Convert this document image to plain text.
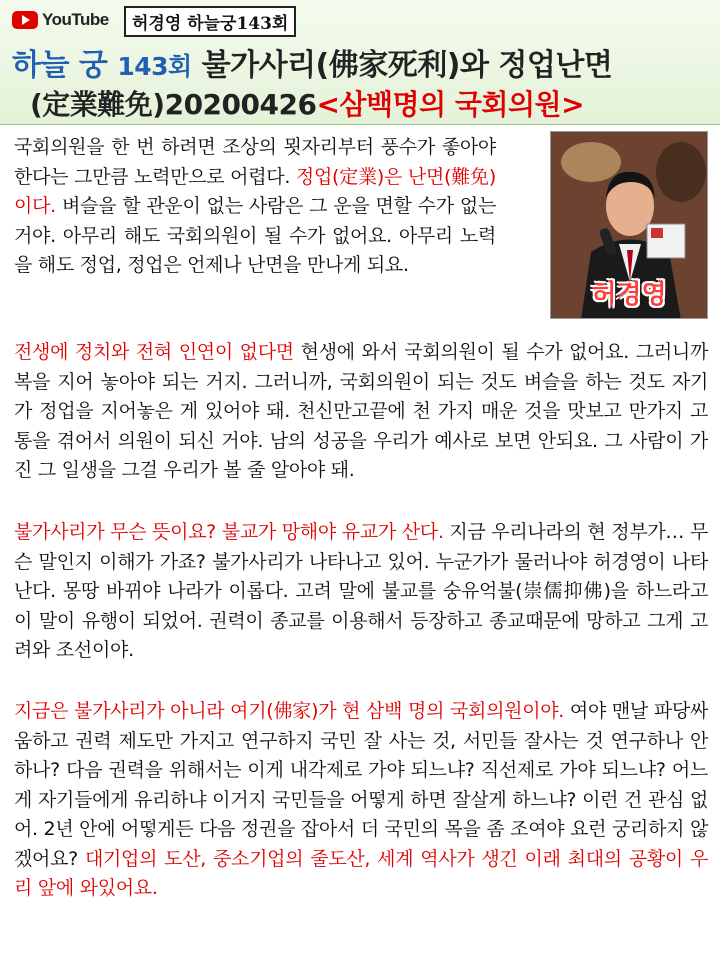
YouTube	허경영 하늘궁143회
하늘 궁 143회 불가사리(佛家死利)와 정업난면
(定業難免)20200426<삼백명의 국회의원>
허경영

국회의원을 한 번 하려면 조상의 묏자리부터 풍수가 좋아야 한다는 그만큼 노력만으로 어렵다. 정업(定業)은 난면(難免)이다. 벼슬을 할 관운이 없는 사람은 그 운을 면할 수가 없는 거야. 아무리 해도 국회의원이 될 수가 없어요. 아무리 노력을 해도 정업, 정업은 언제나 난면을 만나게 되요.

전생에 정치와 전혀 인연이 없다면 현생에 와서 국회의원이 될 수가 없어요. 그러니까 복을 지어 놓아야 되는 거지. 그러니까, 국회의원이 되는 것도 벼슬을 하는 것도 자기가 정업을 지어놓은 게 있어야 돼. 천신만고끝에 천 가지 매운 것을 맛보고 만가지 고통을 겪어서 의원이 되신 거야. 남의 성공을 우리가 예사로 보면 안되요. 그 사람이 가진 그 일생을 그걸 우리가 볼 줄 알아야 돼.

불가사리가 무슨 뜻이요? 불교가 망해야 유교가 산다. 지금 우리나라의 현 정부가… 무슨 말인지 이해가 가죠? 불가사리가 나타나고 있어. 누군가가 물러나야 허경영이 나타난다. 몽땅 바뀌야 나라가 이롭다. 고려 말에 불교를 숭유억불(崇儒抑佛)을 하느라고 이 말이 유행이 되었어. 권력이 종교를 이용해서 등장하고 종교때문에 망하고 그게 고려와 조선이야.

지금은 불가사리가 아니라 여기(佛家)가 현 삼백 명의 국회의원이야. 여야 맨날 파당싸움하고 권력 제도만 가지고 연구하지 국민 잘 사는 것, 서민들 잘사는 것 연구하나 안하나? 다음 권력을 위해서는 이게 내각제로 가야 되느냐? 직선제로 가야 되느냐? 어느 게 자기들에게 유리하냐 이거지 국민들을 어떻게 하면 잘살게 하느냐? 이런 건 관심 없어. 2년 안에 어떻게든 다음 정권을 잡아서 더 국민의 목을 좀 조여야 요런 궁리하지 않겠어요? 대기업의 도산, 중소기업의 줄도산, 세계 역사가 생긴 이래 최대의 공황이 우리 앞에 와있어요.
